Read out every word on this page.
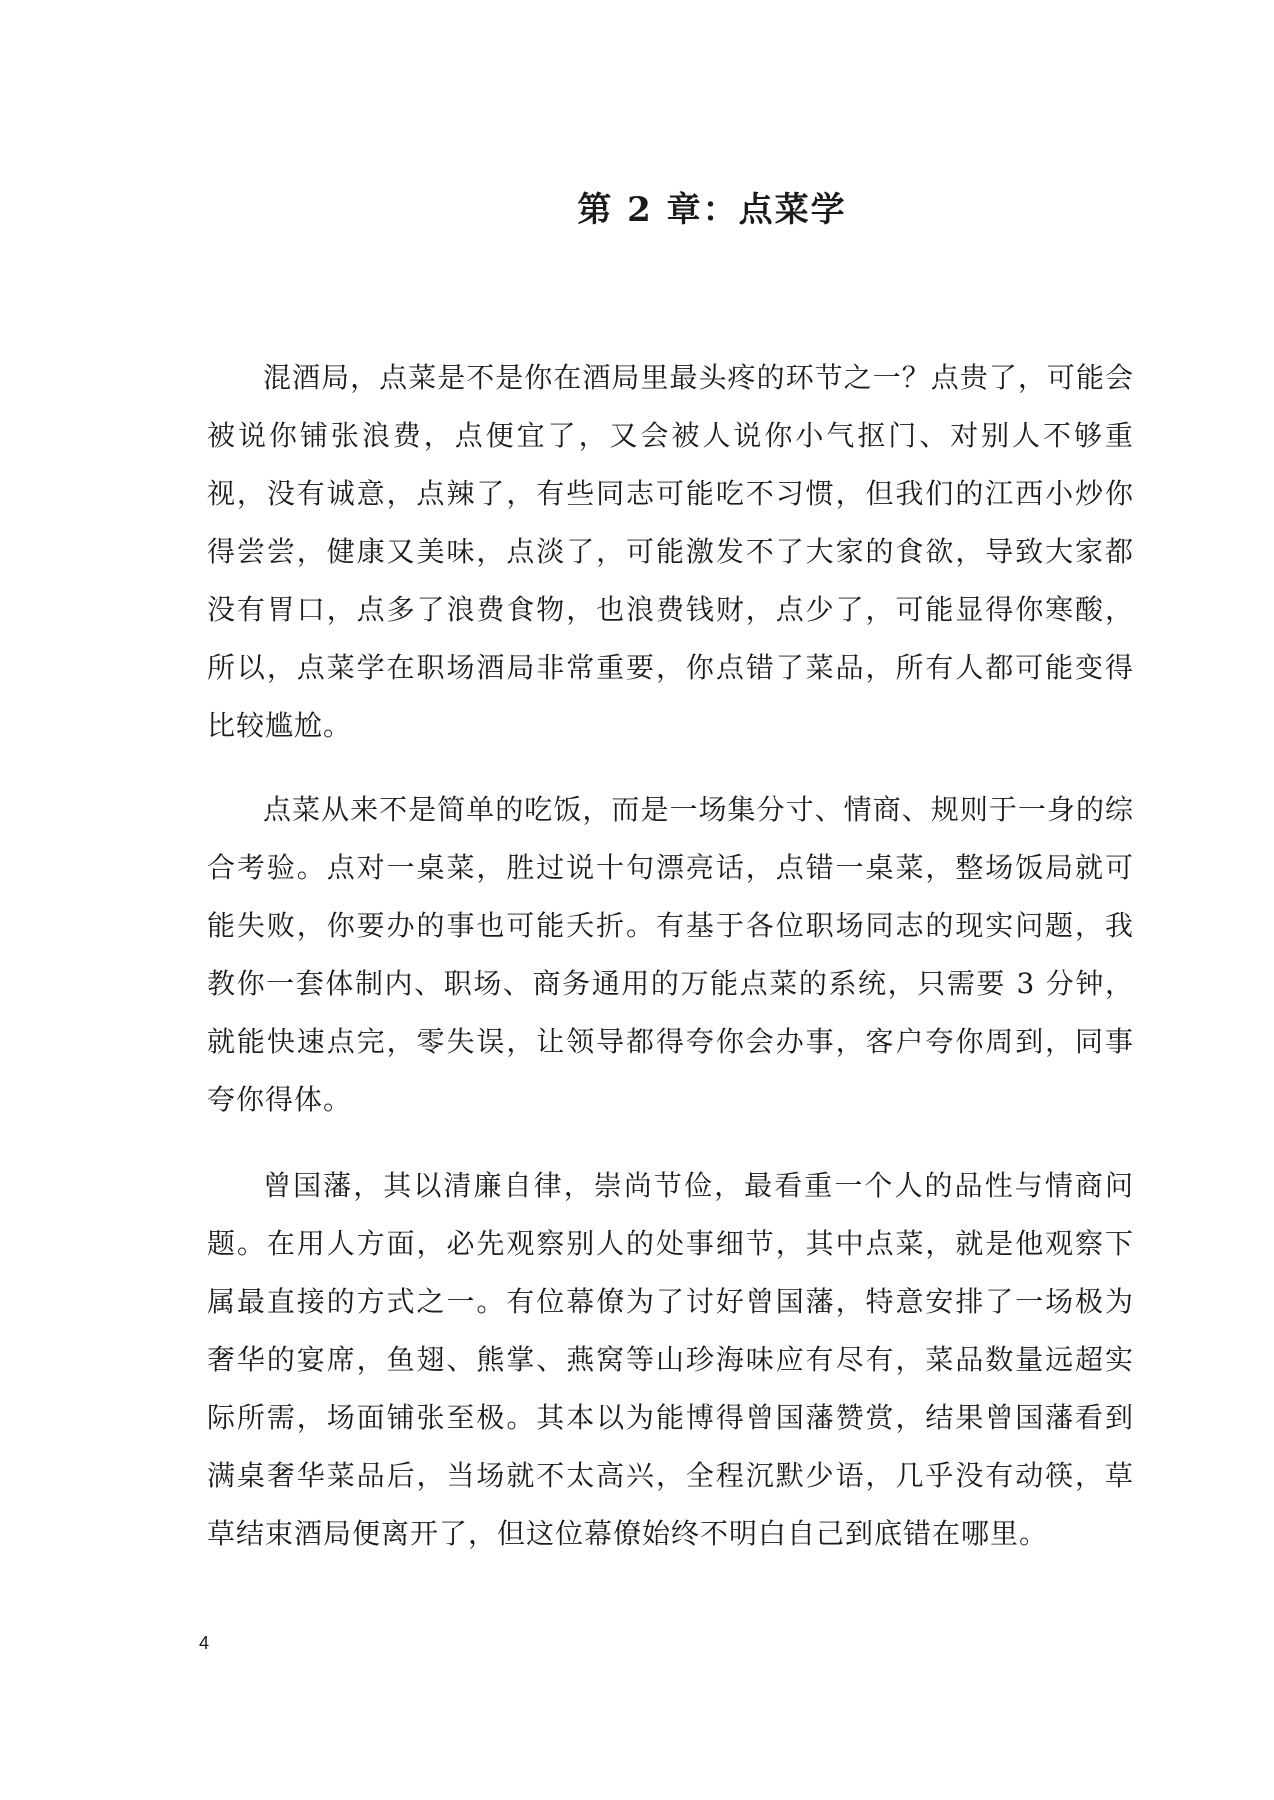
第 2 章：点菜学

混酒局，点菜是不是你在酒局里最头疼的环节之一？点贵了，可能会被说你铺张浪费，点便宜了，又会被人说你小气抠门、对别人不够重视，没有诚意，点辣了，有些同志可能吃不习惯，但我们的江西小炒你得尝尝，健康又美味，点淡了，可能激发不了大家的食欲，导致大家都没有胃口，点多了浪费食物，也浪费钱财，点少了，可能显得你寒酸，所以，点菜学在职场酒局非常重要，你点错了菜品，所有人都可能变得比较尴尬。

点菜从来不是简单的吃饭，而是一场集分寸、情商、规则于一身的综合考验。点对一桌菜，胜过说十句漂亮话，点错一桌菜，整场饭局就可能失败，你要办的事也可能夭折。有基于各位职场同志的现实问题，我教你一套体制内、职场、商务通用的万能点菜的系统，只需要 3 分钟，就能快速点完，零失误，让领导都得夸你会办事，客户夸你周到，同事夸你得体。

曾国藩，其以清廉自律，崇尚节俭，最看重一个人的品性与情商问题。在用人方面，必先观察别人的处事细节，其中点菜，就是他观察下属最直接的方式之一。有位幕僚为了讨好曾国藩，特意安排了一场极为奢华的宴席，鱼翅、熊掌、燕窝等山珍海味应有尽有，菜品数量远超实际所需，场面铺张至极。其本以为能博得曾国藩赞赏，结果曾国藩看到满桌奢华菜品后，当场就不太高兴，全程沉默少语，几乎没有动筷，草草结束酒局便离开了，但这位幕僚始终不明白自己到底错在哪里。

4
